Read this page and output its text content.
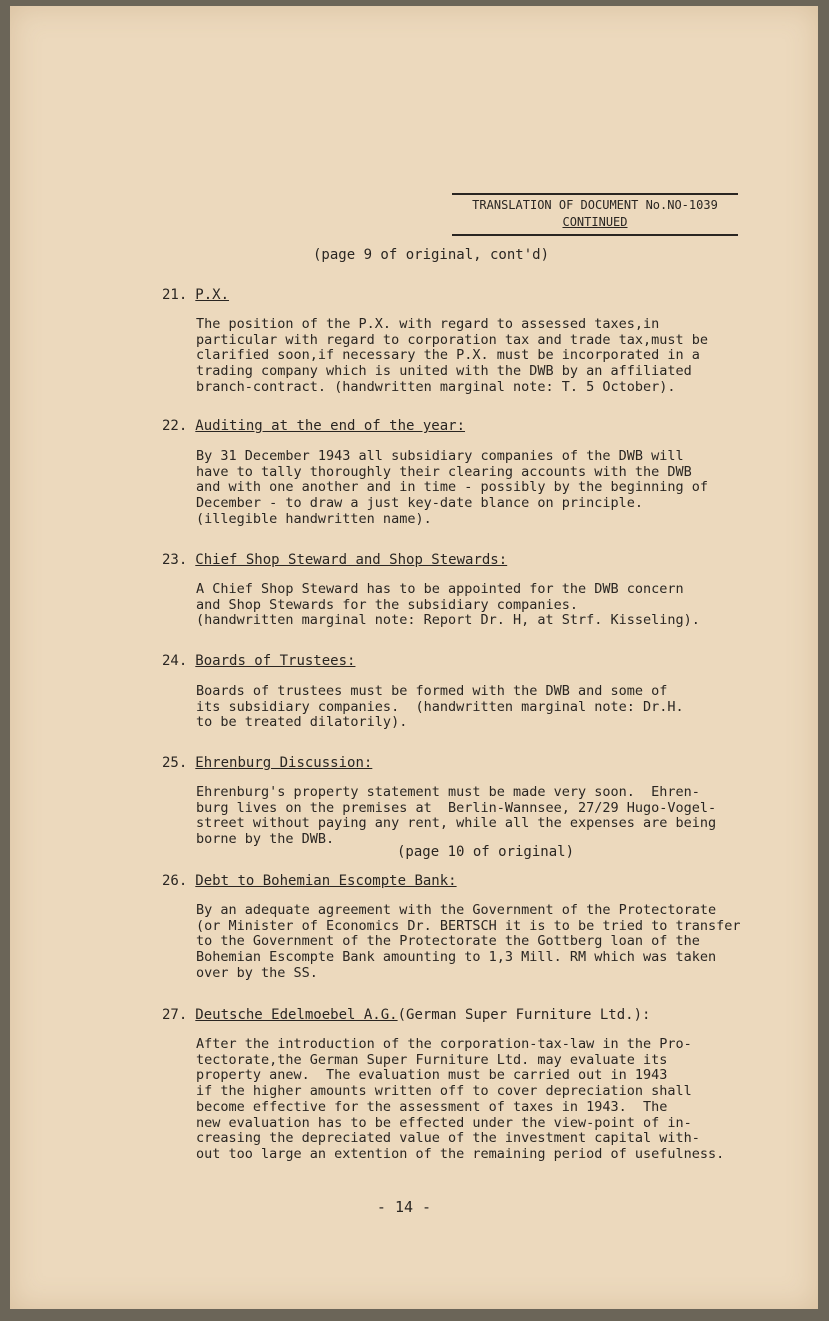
TRANSLATION OF DOCUMENT No.NO-1039
CONTINUED
(page 9 of original, cont'd)
21. P.X.
The position of the P.X. with regard to assessed taxes,in
particular with regard to corporation tax and trade tax,must be
clarified soon,if necessary the P.X. must be incorporated in a
trading company which is united with the DWB by an affiliated
branch-contract. (handwritten marginal note: T. 5 October).
22. Auditing at the end of the year:
By 31 December 1943 all subsidiary companies of the DWB will
have to tally thoroughly their clearing accounts with the DWB
and with one another and in time - possibly by the beginning of
December - to draw a just key-date blance on principle.
(illegible handwritten name).
23. Chief Shop Steward and Shop Stewards:
A Chief Shop Steward has to be appointed for the DWB concern
and Shop Stewards for the subsidiary companies.
(handwritten marginal note: Report Dr. H, at Strf. Kisseling).
24. Boards of Trustees:
Boards of trustees must be formed with the DWB and some of
its subsidiary companies.  (handwritten marginal note: Dr.H.
to be treated dilatorily).
25. Ehrenburg Discussion:
Ehrenburg's property statement must be made very soon.  Ehren-
burg lives on the premises at  Berlin-Wannsee, 27/29 Hugo-Vogel-
street without paying any rent, while all the expenses are being
borne by the DWB.
(page 10 of original)
26. Debt to Bohemian Escompte Bank:
By an adequate agreement with the Government of the Protectorate
(or Minister of Economics Dr. BERTSCH it is to be tried to transfer
to the Government of the Protectorate the Gottberg loan of the
Bohemian Escompte Bank amounting to 1,3 Mill. RM which was taken
over by the SS.
27. Deutsche Edelmoebel A.G.(German Super Furniture Ltd.):
After the introduction of the corporation-tax-law in the Pro-
tectorate,the German Super Furniture Ltd. may evaluate its
property anew.  The evaluation must be carried out in 1943
if the higher amounts written off to cover depreciation shall
become effective for the assessment of taxes in 1943.  The
new evaluation has to be effected under the view-point of in-
creasing the depreciated value of the investment capital with-
out too large an extention of the remaining period of usefulness.
- 14 -
